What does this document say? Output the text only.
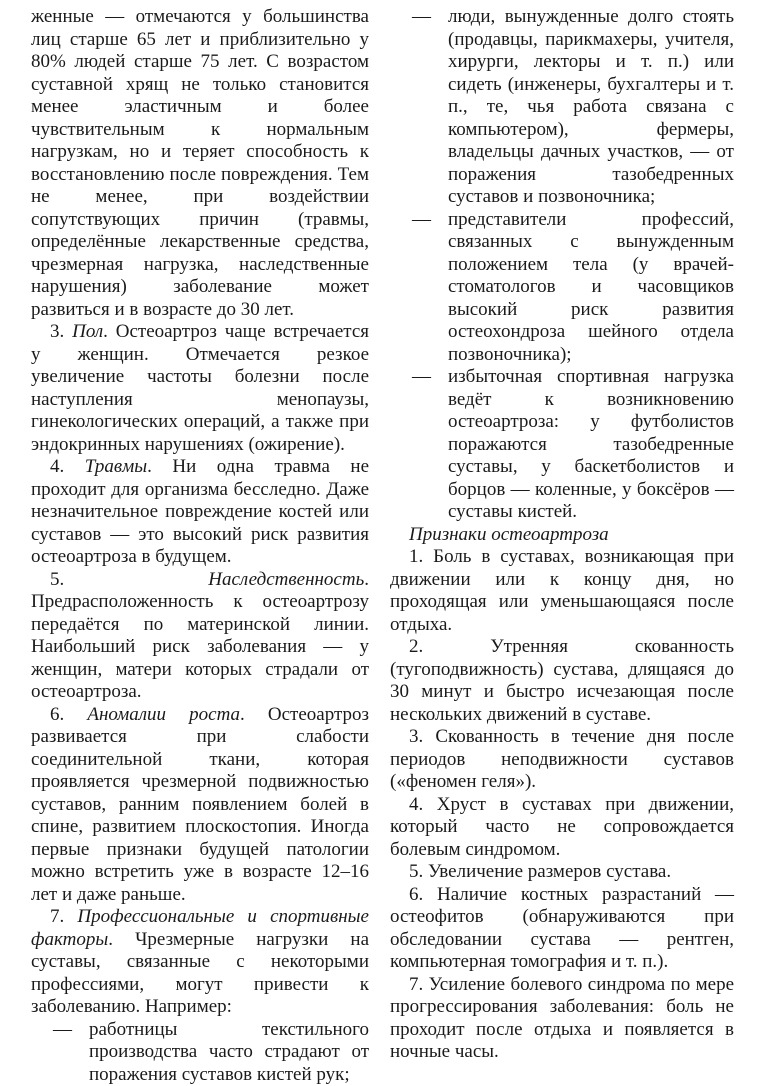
женные — отмечаются у большинства лиц старше 65 лет и приблизительно у 80% людей старше 75 лет. С возрастом суставной хрящ не только становится менее эластичным и более чувствительным к нормальным нагрузкам, но и теряет способность к восстановлению после повреждения. Тем не менее, при воздействии сопутствующих причин (травмы, определённые лекарственные средства, чрезмерная нагрузка, наследственные нарушения) заболевание может развиться и в возрасте до 30 лет.

3. Пол. Остеоартроз чаще встречается у женщин. Отмечается резкое увеличение частоты болезни после наступления менопаузы, гинекологических операций, а также при эндокринных нарушениях (ожирение).

4. Травмы. Ни одна травма не проходит для организма бесследно. Даже незначительное повреждение костей или суставов — это высокий риск развития остеоартроза в будущем.

5.	Наследственность. Предрасположенность к остеоартрозу передаётся по материнской линии. Наибольший риск заболевания — у женщин, матери которых страдали от остеоартроза.

6. Аномалии роста. Остеоартроз развивается при слабости соединительной ткани, которая проявляется чрезмерной подвижностью суставов, ранним появлением болей в спине, развитием плоскостопия. Иногда первые признаки будущей патологии можно встретить уже в возрасте 12–16 лет и даже раньше.

7. Профессиональные и спортивные факторы. Чрезмерные нагрузки на суставы, связанные с некоторыми профессиями, могут привести к заболеванию. Например:

— работницы текстильного производства часто страдают от поражения суставов кистей рук;

— люди, вынужденные долго стоять (продавцы, парикмахеры, учителя, хирурги, лекторы и т. п.) или сидеть (инженеры, бухгалтеры и т. п., те, чья работа связана с компьютером), фермеры, владельцы дачных участков, — от поражения тазобедренных суставов и позвоночника;

— представители профессий, связанных с вынужденным положением тела (у врачей-стоматологов и часовщиков высокий риск развития остеохондроза шейного отдела позвоночника);

— избыточная спортивная нагрузка ведёт к возникновению остеоартроза: у футболистов поражаются тазобедренные суставы, у баскетболистов и борцов — коленные, у боксёров — суставы кистей.

Признаки остеоартроза

1. Боль в суставах, возникающая при движении или к концу дня, но проходящая или уменьшающаяся после отдыха.

2. Утренняя скованность (тугоподвижность) сустава, длящаяся до 30 минут и быстро исчезающая после нескольких движений в суставе.

3. Скованность в течение дня после периодов неподвижности суставов («феномен геля»).

4. Хруст в суставах при движении, который часто не сопровождается болевым синдромом.

5. Увеличение размеров сустава.

6. Наличие костных разрастаний — остеофитов (обнаруживаются при обследовании сустава — рентген, компьютерная томография и т. п.).

7. Усиление болевого синдрома по мере прогрессирования заболевания: боль не проходит после отдыха и появляется в ночные часы.
